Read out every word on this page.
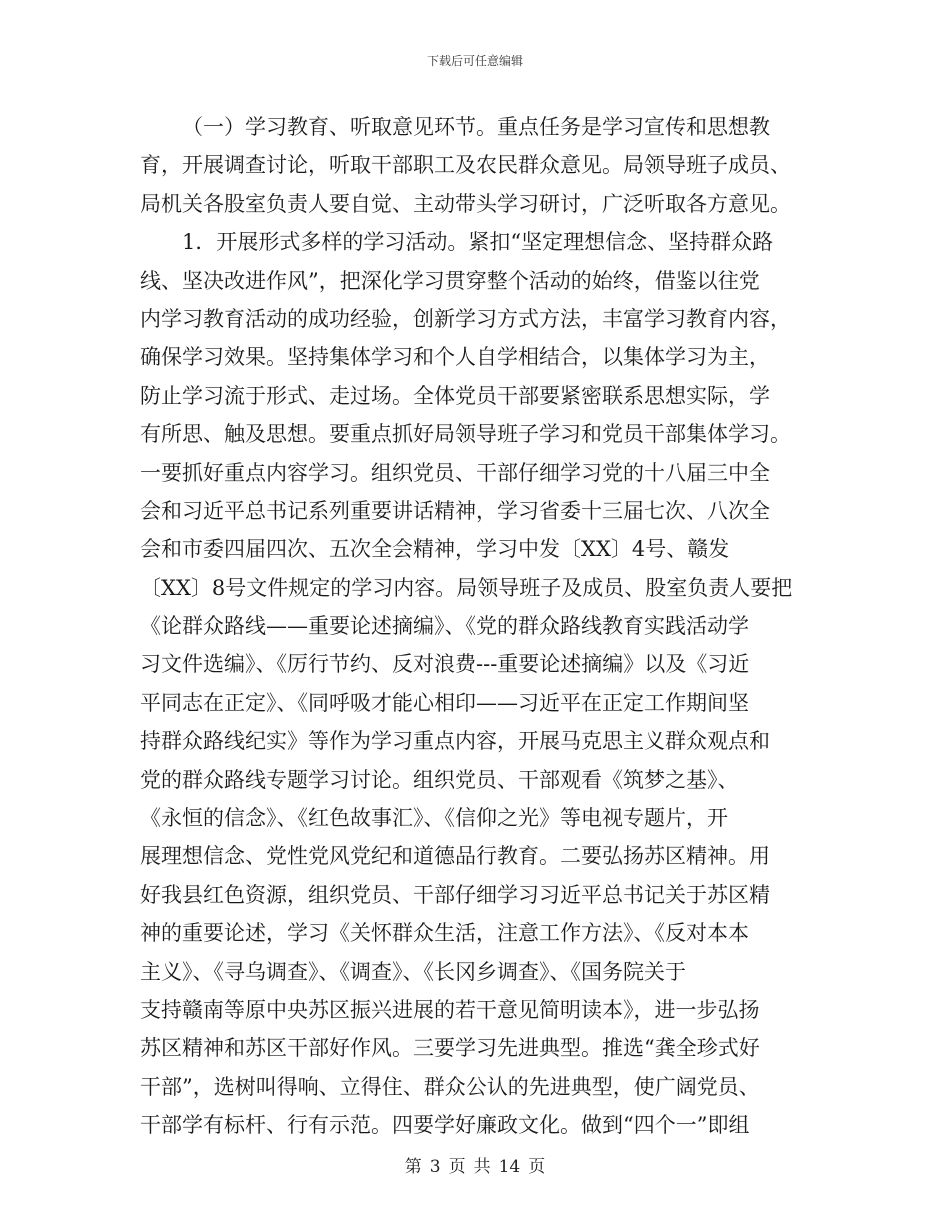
下载后可任意编辑
（一）学习教育、听取意见环节。重点任务是学习宣传和思想教
育，开展调查讨论，听取干部职工及农民群众意见。局领导班子成员、
局机关各股室负责人要自觉、主动带头学习研讨，广泛听取各方意见。
1．开展形式多样的学习活动。紧扣“坚定理想信念、坚持群众路
线、坚决改进作风”，把深化学习贯穿整个活动的始终，借鉴以往党
内学习教育活动的成功经验，创新学习方式方法，丰富学习教育内容，
确保学习效果。坚持集体学习和个人自学相结合，以集体学习为主，
防止学习流于形式、走过场。全体党员干部要紧密联系思想实际，学
有所思、触及思想。要重点抓好局领导班子学习和党员干部集体学习。
一要抓好重点内容学习。组织党员、干部仔细学习党的十八届三中全
会和习近平总书记系列重要讲话精神，学习省委十三届七次、八次全
会和市委四届四次、五次全会精神，学习中发〔XX〕4号、赣发
〔XX〕8号文件规定的学习内容。局领导班子及成员、股室负责人要把
《论群众路线——重要论述摘编》、《党的群众路线教育实践活动学
习文件选编》、《厉行节约、反对浪费---重要论述摘编》以及《习近
平同志在正定》、《同呼吸才能心相印——习近平在正定工作期间坚
持群众路线纪实》等作为学习重点内容，开展马克思主义群众观点和
党的群众路线专题学习讨论。组织党员、干部观看《筑梦之基》、
《永恒的信念》、《红色故事汇》、《信仰之光》等电视专题片，开
展理想信念、党性党风党纪和道德品行教育。二要弘扬苏区精神。用
好我县红色资源，组织党员、干部仔细学习习近平总书记关于苏区精
神的重要论述，学习《关怀群众生活，注意工作方法》、《反对本本
主义》、《寻乌调查》、《调查》、《长冈乡调查》、《国务院关于
支持赣南等原中央苏区振兴进展的若干意见简明读本》，进一步弘扬
苏区精神和苏区干部好作风。三要学习先进典型。推选“龚全珍式好
干部”，选树叫得响、立得住、群众公认的先进典型，使广阔党员、
干部学有标杆、行有示范。四要学好廉政文化。做到“四个一”即组
第 3 页 共 14 页
